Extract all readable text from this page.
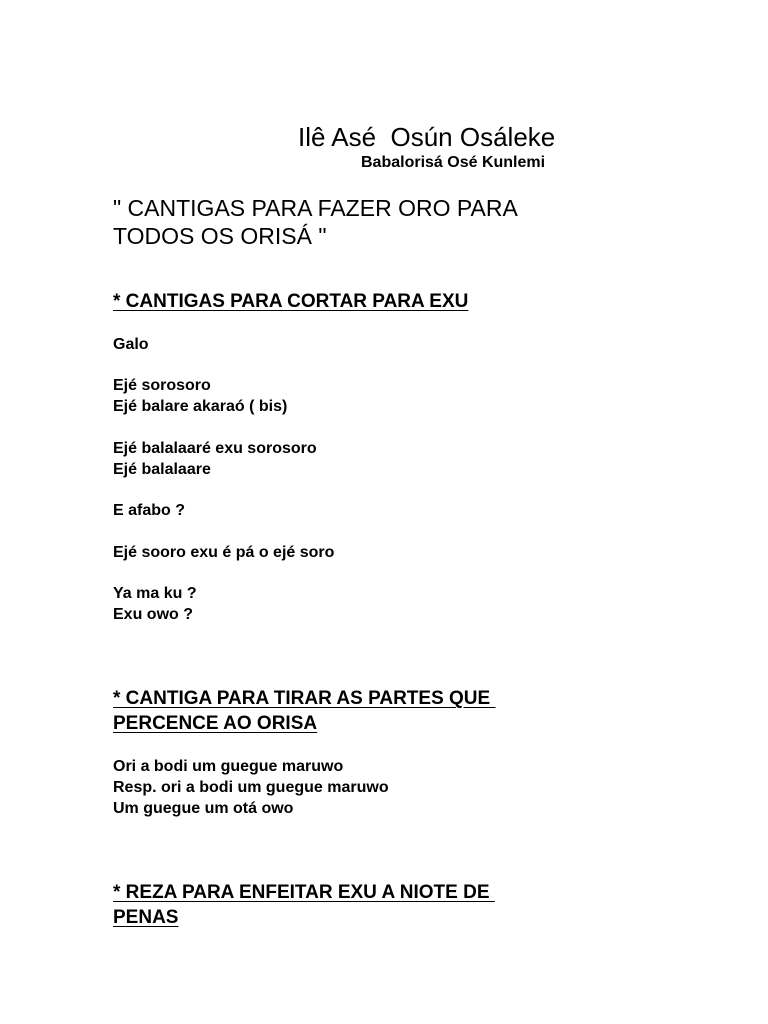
Ilê Asé  Osún Osáleke
Babalorisá Osé Kunlemi
" CANTIGAS PARA FAZER ORO PARA
TODOS OS ORISÁ "
* CANTIGAS PARA CORTAR PARA EXU
Galo
Ejé sorosoro
Ejé balare akaraó ( bis)
Ejé balalaaré exu sorosoro
Ejé balalaare
E afabo ?
Ejé sooro exu é pá o ejé soro
Ya ma ku ?
Exu owo ?
* CANTIGA PARA TIRAR AS PARTES QUE
PERCENCE AO ORISA
Ori a bodi um guegue maruwo
Resp. ori a bodi um guegue maruwo
Um guegue um otá owo
* REZA PARA ENFEITAR EXU A NIOTE DE
PENAS
